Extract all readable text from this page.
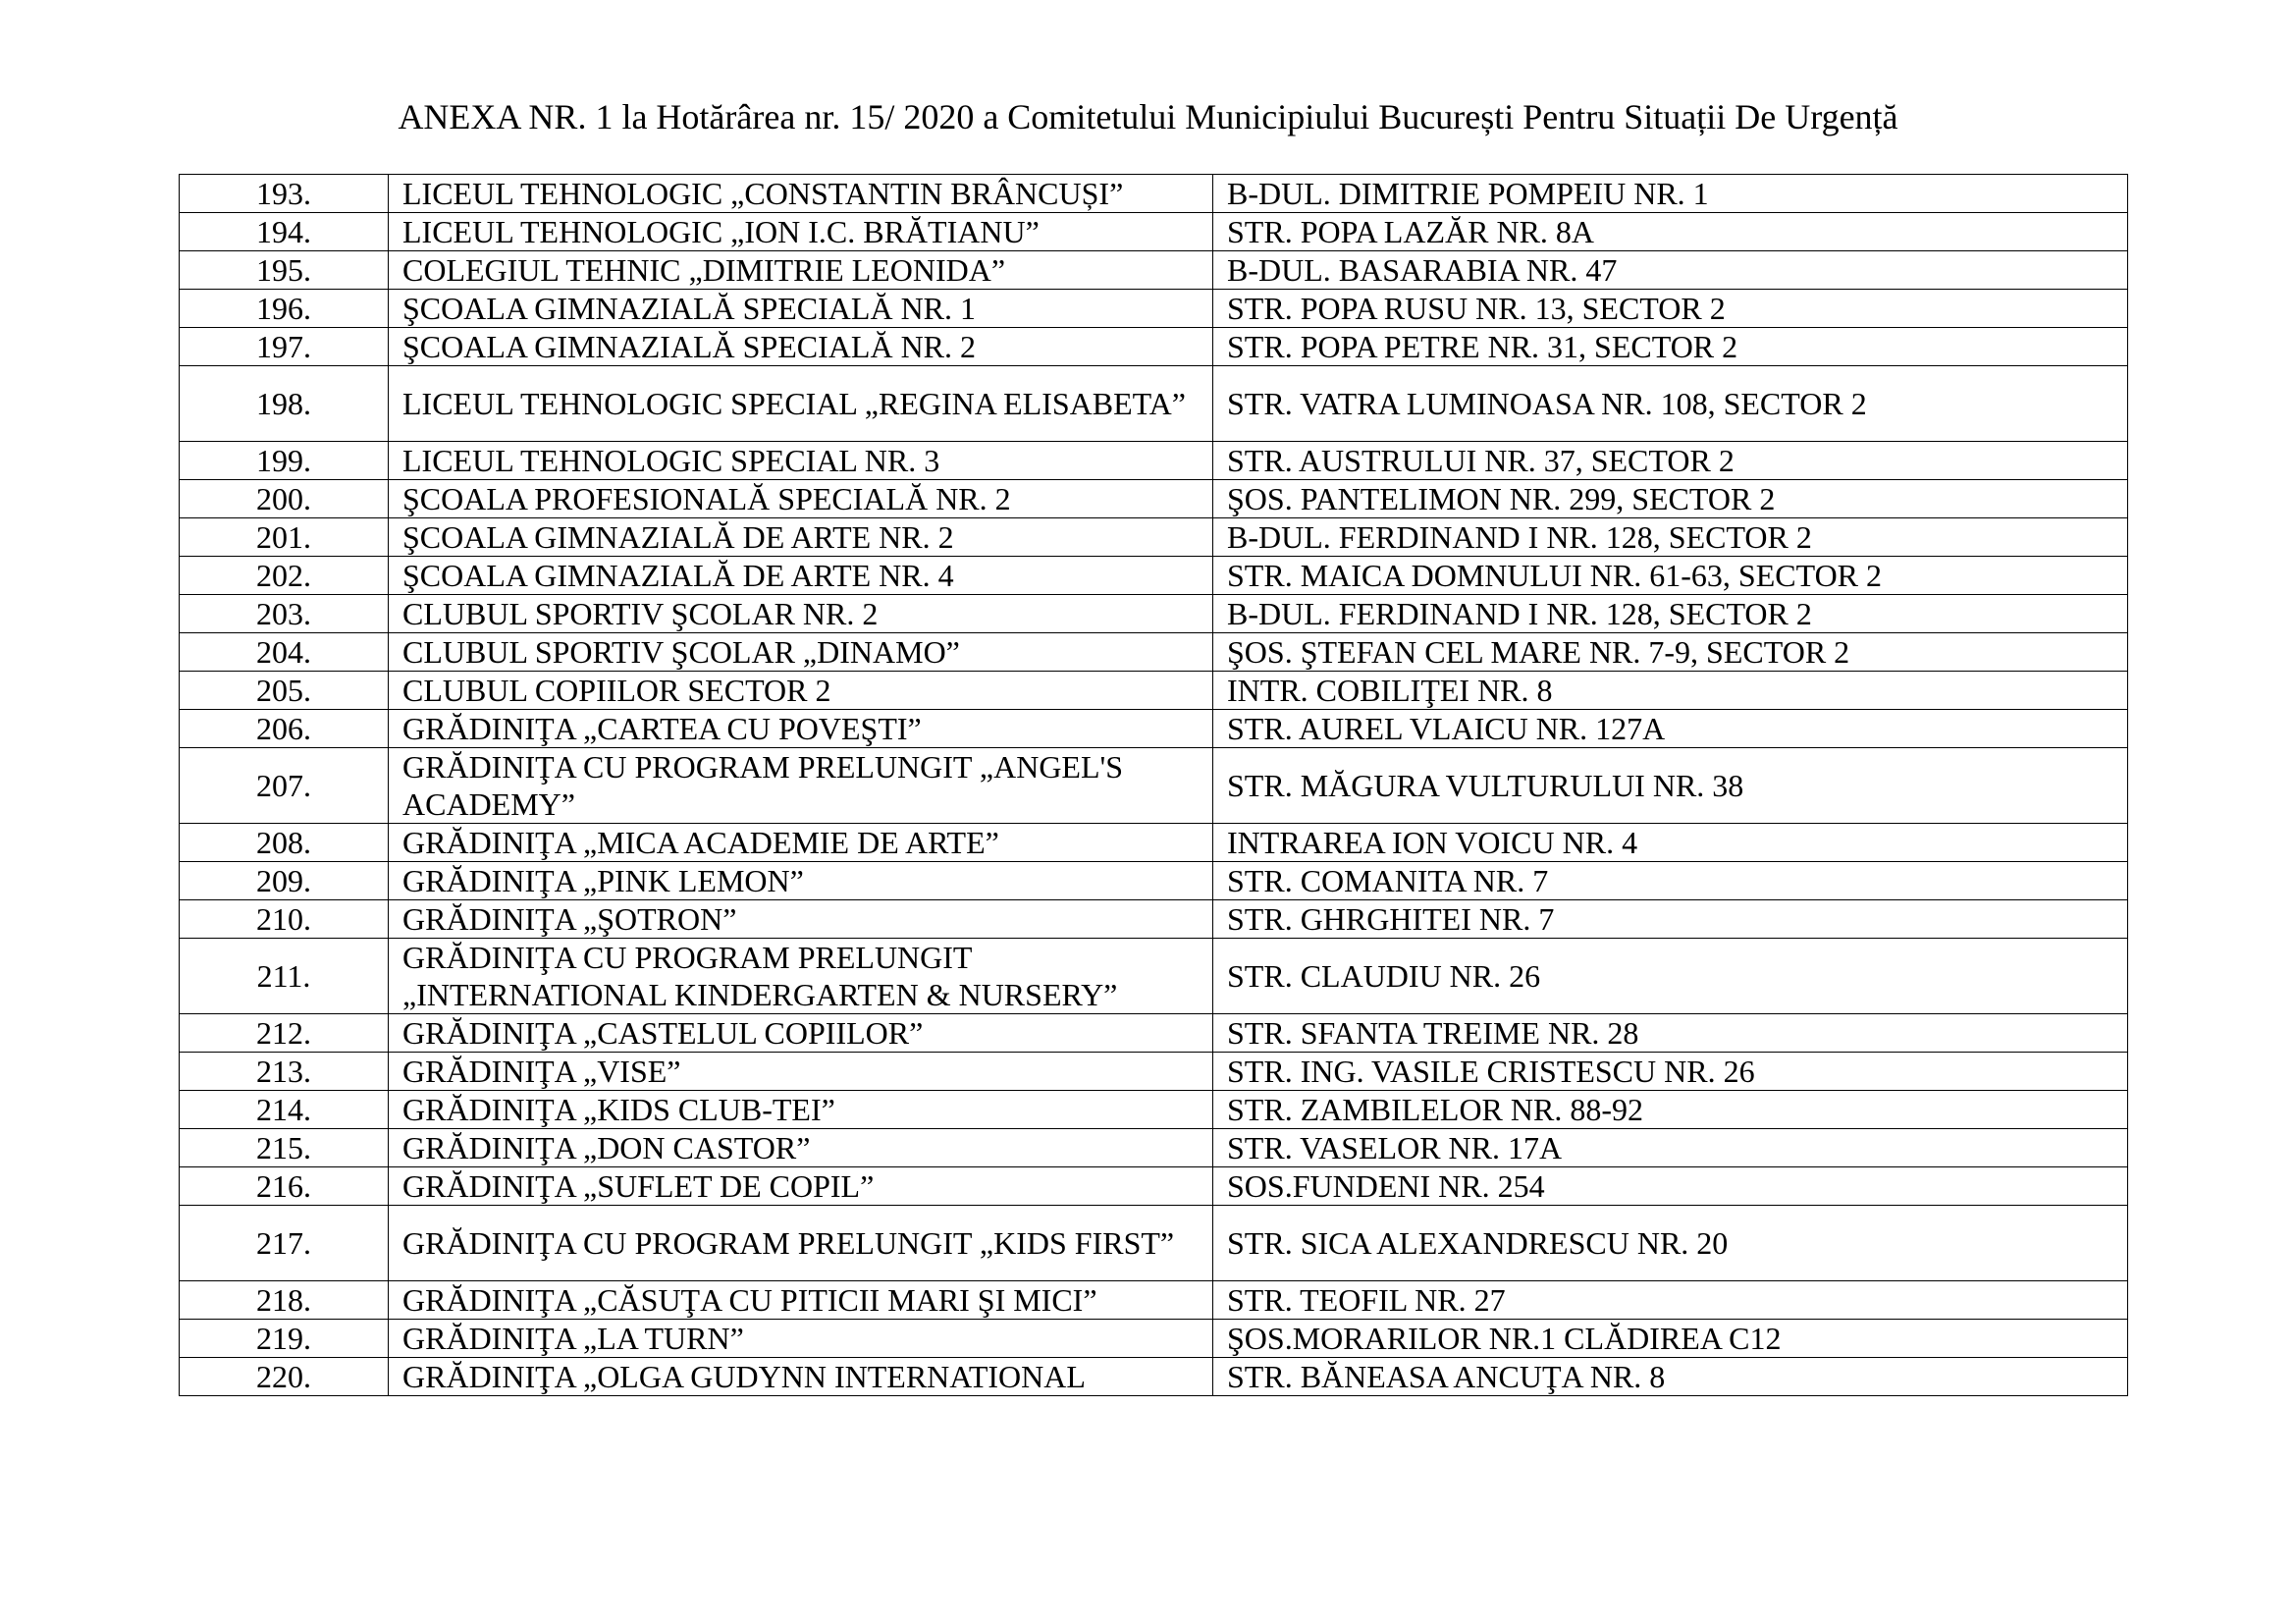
ANEXA NR. 1 la Hotărârea nr. 15/ 2020 a Comitetului Municipiului București Pentru Situații De Urgență
193.	LICEUL TEHNOLOGIC „CONSTANTIN BRÂNCUȘI”	B-DUL. DIMITRIE POMPEIU NR. 1
194.	LICEUL TEHNOLOGIC „ION I.C. BRĂTIANU”	STR. POPA LAZĂR NR. 8A
195.	COLEGIUL TEHNIC „DIMITRIE LEONIDA”	B-DUL. BASARABIA NR. 47
196.	ŞCOALA GIMNAZIALĂ SPECIALĂ NR. 1	STR. POPA RUSU NR. 13, SECTOR 2
197.	ŞCOALA GIMNAZIALĂ SPECIALĂ NR. 2	STR. POPA PETRE NR. 31, SECTOR 2
198.	LICEUL TEHNOLOGIC SPECIAL „REGINA ELISABETA”	STR. VATRA LUMINOASA NR. 108, SECTOR 2
199.	LICEUL TEHNOLOGIC SPECIAL NR. 3	STR. AUSTRULUI NR. 37, SECTOR 2
200.	ŞCOALA PROFESIONALĂ SPECIALĂ NR. 2	ŞOS. PANTELIMON NR. 299, SECTOR 2
201.	ŞCOALA GIMNAZIALĂ DE ARTE NR. 2	B-DUL. FERDINAND I NR. 128, SECTOR 2
202.	ŞCOALA GIMNAZIALĂ DE ARTE NR. 4	STR. MAICA DOMNULUI NR. 61-63, SECTOR 2
203.	CLUBUL SPORTIV ŞCOLAR NR. 2	B-DUL. FERDINAND I NR. 128, SECTOR 2
204.	CLUBUL SPORTIV ŞCOLAR „DINAMO”	ŞOS. ŞTEFAN CEL MARE NR. 7-9, SECTOR 2
205.	CLUBUL COPIILOR SECTOR 2	INTR. COBILIŢEI NR. 8
206.	GRĂDINIŢA „CARTEA CU POVEŞTI”	STR. AUREL VLAICU NR. 127A
207.	GRĂDINIŢA CU PROGRAM PRELUNGIT „ANGEL'S ACADEMY”	STR. MĂGURA VULTURULUI NR. 38
208.	GRĂDINIŢA „MICA ACADEMIE DE ARTE”	INTRAREA ION VOICU NR. 4
209.	GRĂDINIŢA „PINK LEMON”	STR. COMANITA NR. 7
210.	GRĂDINIŢA „ŞOTRON”	STR. GHRGHITEI NR. 7
211.	GRĂDINIŢA CU PROGRAM PRELUNGIT „INTERNATIONAL KINDERGARTEN & NURSERY”	STR. CLAUDIU NR. 26
212.	GRĂDINIŢA „CASTELUL COPIILOR”	STR. SFANTA TREIME NR. 28
213.	GRĂDINIŢA „VISE”	STR. ING. VASILE CRISTESCU NR. 26
214.	GRĂDINIŢA „KIDS CLUB-TEI”	STR. ZAMBILELOR NR. 88-92
215.	GRĂDINIŢA „DON CASTOR”	STR. VASELOR NR. 17A
216.	GRĂDINIŢA „SUFLET DE COPIL”	SOS.FUNDENI NR. 254
217.	GRĂDINIŢA CU PROGRAM PRELUNGIT „KIDS FIRST”	STR. SICA ALEXANDRESCU NR. 20
218.	GRĂDINIŢA „CĂSUŢA CU PITICII MARI ŞI MICI”	STR. TEOFIL NR. 27
219.	GRĂDINIŢA „LA TURN”	ŞOS.MORARILOR NR.1 CLĂDIREA C12
220.	GRĂDINIŢA „OLGA GUDYNN INTERNATIONAL	STR. BĂNEASA ANCUŢA NR. 8
